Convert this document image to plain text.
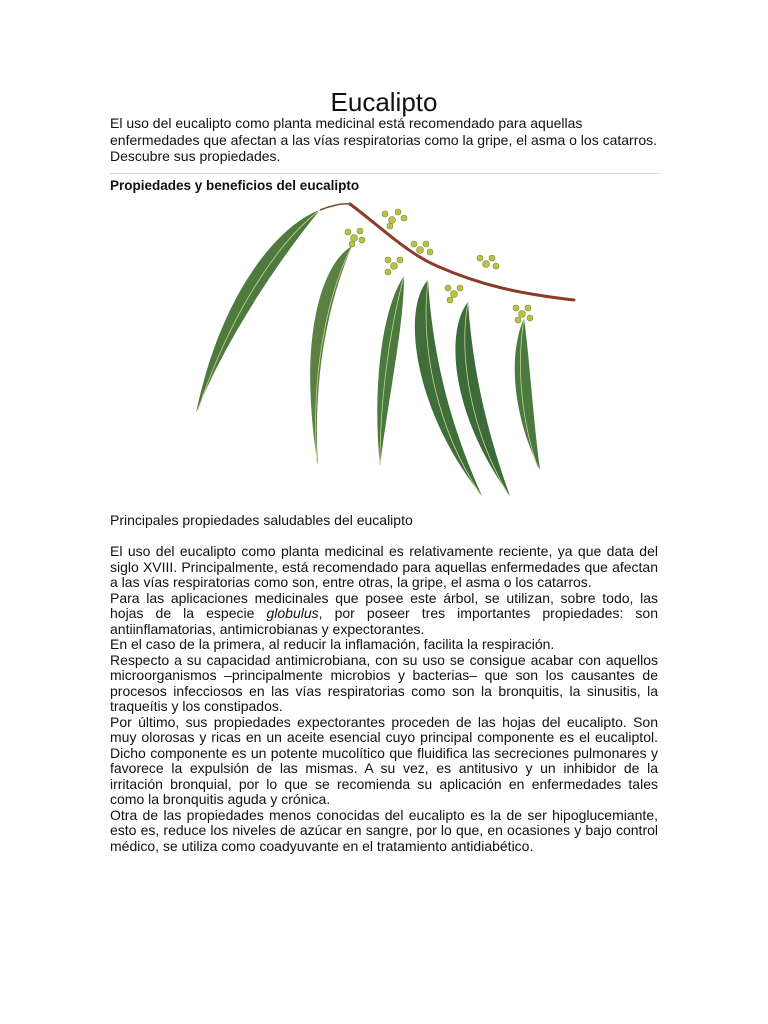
Eucalipto

El uso del eucalipto como planta medicinal está recomendado para aquellas enfermedades que afectan a las vías respiratorias como la gripe, el asma o los catarros. Descubre sus propiedades.

Propiedades y beneficios del eucalipto

Principales propiedades saludables del eucalipto

El uso del eucalipto como planta medicinal es relativamente reciente, ya que data del siglo XVIII. Principalmente, está recomendado para aquellas enfermedades que afectan a las vías respiratorias como son, entre otras, la gripe, el asma o los catarros.

Para las aplicaciones medicinales que posee este árbol, se utilizan, sobre todo, las hojas de la especie globulus, por poseer tres importantes propiedades: son antiinflamatorias, antimicrobianas y expectorantes.

En el caso de la primera, al reducir la inflamación, facilita la respiración.

Respecto a su capacidad antimicrobiana, con su uso se consigue acabar con aquellos microorganismos –principalmente microbios y bacterias– que son los causantes de procesos infecciosos en las vías respiratorias como son la bronquitis, la sinusitis, la traqueítis y los constipados.

Por último, sus propiedades expectorantes proceden de las hojas del eucalipto. Son muy olorosas y ricas en un aceite esencial cuyo principal componente es el eucaliptol. Dicho componente es un potente mucolítico que fluidifica las secreciones pulmonares y favorece la expulsión de las mismas. A su vez, es antitusivo y un inhibidor de la irritación bronquial, por lo que se recomienda su aplicación en enfermedades tales como la bronquitis aguda y crónica.

Otra de las propiedades menos conocidas del eucalipto es la de ser hipoglucemiante, esto es, reduce los niveles de azúcar en sangre, por lo que, en ocasiones y bajo control médico, se utiliza como coadyuvante en el tratamiento antidiabético.
